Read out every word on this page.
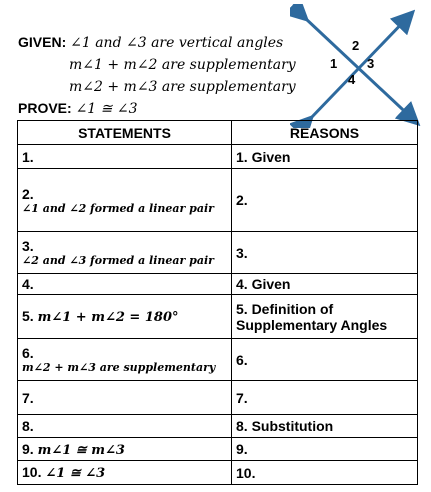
GIVEN: ∠1 and ∠3 are vertical angles
m∠1 + m∠2 are supplementary
m∠2 + m∠3 are supplementary
PROVE: ∠1 ≅ ∠3
1
2
3
4
STATEMENTS	REASONS
1.	1. Given

2.
∠1 and ∠2 formed a linear pair	2.

3.
∠2 and ∠3 formed a linear pair	3.
4.	4. Given
5. m∠1 + m∠2 = 180°	5. Definition of Supplementary Angles

6.
m∠2 + m∠3 are supplementary	6.
7.	7.
8.	8. Substitution
9. m∠1 ≅ m∠3	9.
10. ∠1 ≅ ∠3	10.
